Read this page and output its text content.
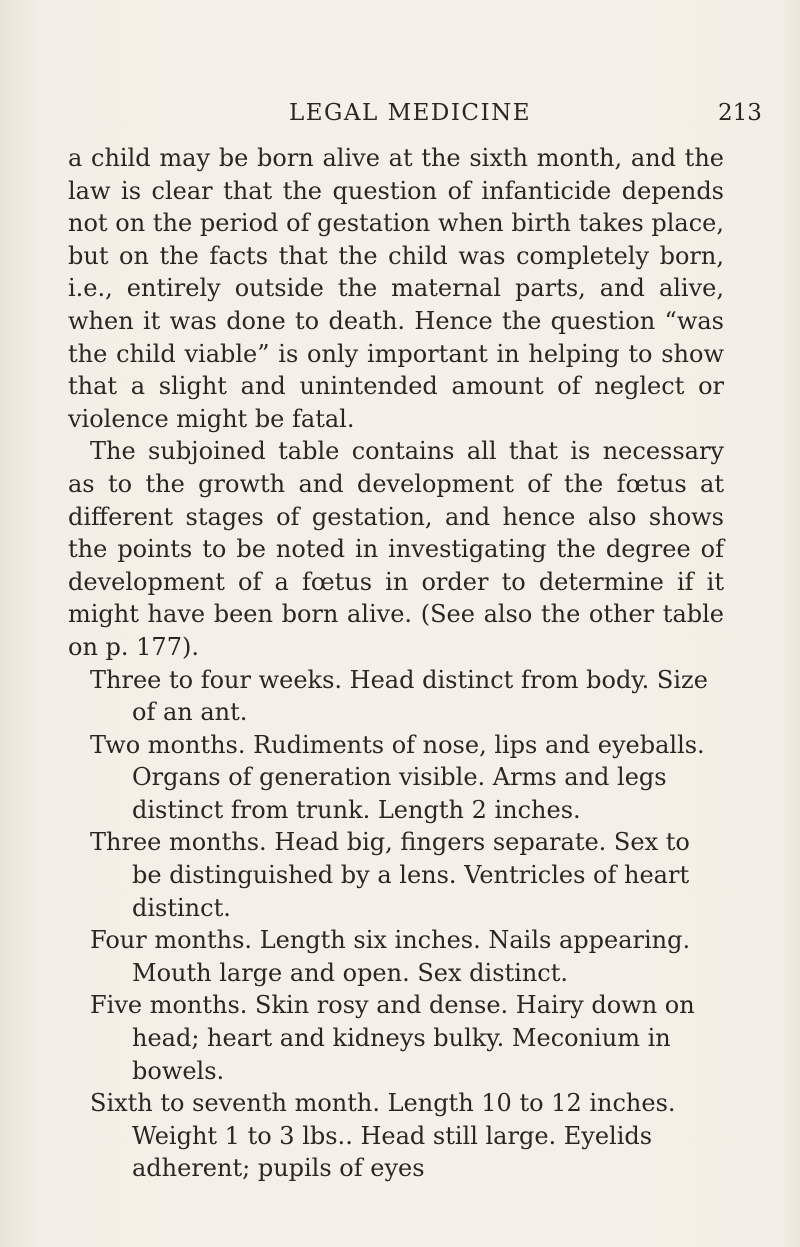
LEGAL MEDICINE	213

a child may be born alive at the sixth month, and the law is clear that the question of infanticide depends not on the period of gestation when birth takes place, but on the facts that the child was completely born, i.e., entirely outside the maternal parts, and alive, when it was done to death. Hence the question “was the child viable” is only important in helping to show that a slight and unintended amount of neglect or violence might be fatal.

The subjoined table contains all that is necessary as to the growth and development of the fœtus at different stages of gestation, and hence also shows the points to be noted in investigating the degree of development of a fœtus in order to determine if it might have been born alive. (See also the other table on p. 177).

Three to four weeks. Head distinct from body. Size of an ant.

Two months. Rudiments of nose, lips and eyeballs. Organs of generation visible. Arms and legs distinct from trunk. Length 2 inches.

Three months. Head big, fingers separate. Sex to be distinguished by a lens. Ventricles of heart distinct.

Four months. Length six inches. Nails appearing. Mouth large and open. Sex distinct.

Five months. Skin rosy and dense. Hairy down on head; heart and kidneys bulky. Meconium in bowels.

Sixth to seventh month. Length 10 to 12 inches. Weight 1 to 3 lbs.. Head still large. Eyelids adherent; pupils of eyes
